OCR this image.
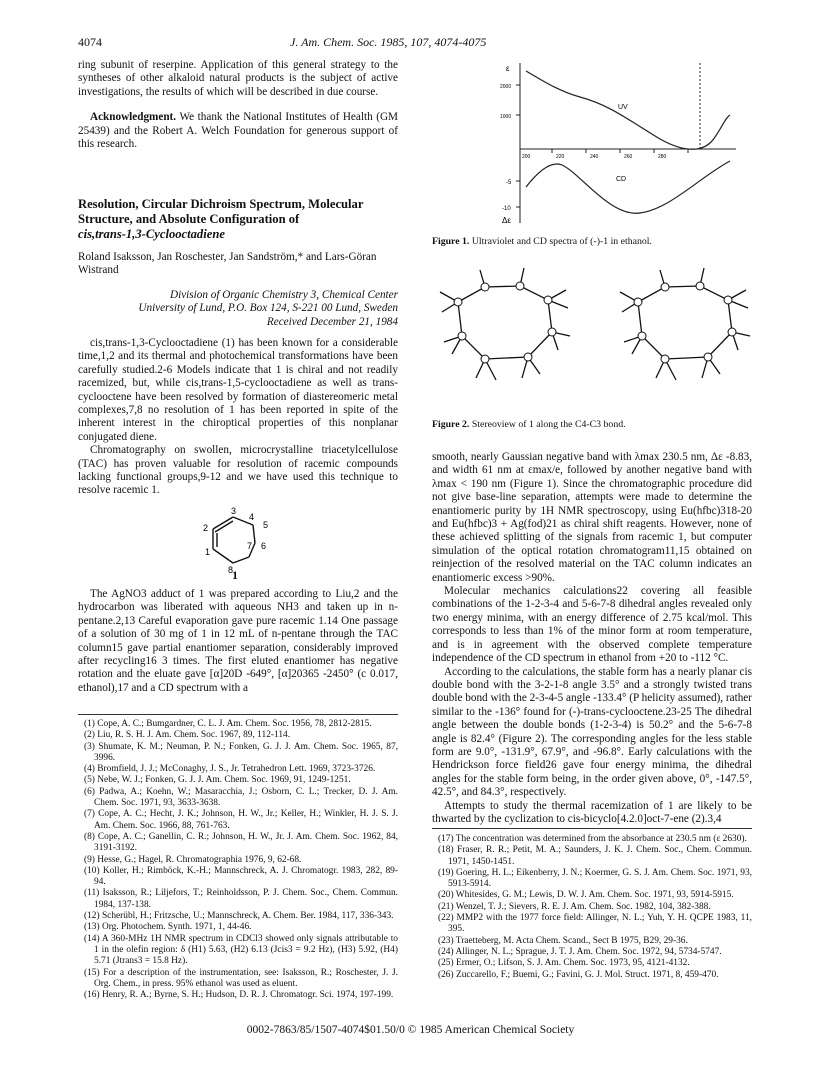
4074	J. Am. Chem. Soc. 1985, 107, 4074-4075

ring subunit of reserpine. Application of this general strategy to the syntheses of other alkaloid natural products is the subject of active investigations, the results of which will be described in due course.

Acknowledgment. We thank the National Institutes of Health (GM 25439) and the Robert A. Welch Foundation for generous support of this research.

Resolution, Circular Dichroism Spectrum, Molecular
Structure, and Absolute Configuration of
cis,trans-1,3-Cyclooctadiene
Roland Isaksson, Jan Roschester, Jan Sandström,* and Lars-Göran Wistrand
Division of Organic Chemistry 3, Chemical Center
University of Lund, P.O. Box 124, S-221 00 Lund, Sweden
Received December 21, 1984

cis,trans-1,3-Cyclooctadiene (1) has been known for a considerable time,1,2 and its thermal and photochemical transformations have been carefully studied.2-6 Models indicate that 1 is chiral and not readily racemized, but, while cis,trans-1,5-cyclooctadiene as well as trans-cyclooctene have been resolved by formation of diastereomeric metal complexes,7,8 no resolution of 1 has been reported in spite of the inherent interest in the chiroptical properties of this nonplanar conjugated diene.

Chromatography on swollen, microcrystalline triacetylcellulose (TAC) has proven valuable for resolution of racemic compounds lacking functional groups,9-12 and we have used this technique to resolve racemic 1.

1
2
3
4
5
6
7
8
1

The AgNO3 adduct of 1 was prepared according to Liu,2 and the hydrocarbon was liberated with aqueous NH3 and taken up in n-pentane.2,13 Careful evaporation gave pure racemic 1.14 One passage of a solution of 30 mg of 1 in 12 mL of n-pentane through the TAC column15 gave partial enantiomer separation, considerably improved after recycling16 3 times. The first eluted enantiomer has negative rotation and the eluate gave [α]20D -649°, [α]20365 -2450° (c 0.017, ethanol),17 and a CD spectrum with a

(1) Cope, A. C.; Bumgardner, C. L. J. Am. Chem. Soc. 1956, 78, 2812-2815.
(2) Liu, R. S. H. J. Am. Chem. Soc. 1967, 89, 112-114.
(3) Shumate, K. M.; Neuman, P. N.; Fonken, G. J. J. Am. Chem. Soc. 1965, 87, 3996.
(4) Bromfield, J. J.; McConaghy, J. S., Jr. Tetrahedron Lett. 1969, 3723-3726.
(5) Nebe, W. J.; Fonken, G. J. J. Am. Chem. Soc. 1969, 91, 1249-1251.
(6) Padwa, A.; Koehn, W.; Masaracchia, J.; Osborn, C. L.; Trecker, D. J. Am. Chem. Soc. 1971, 93, 3633-3638.
(7) Cope, A. C.; Hecht, J. K.; Johnson, H. W., Jr.; Keller, H.; Winkler, H. J. S. J. Am. Chem. Soc. 1966, 88, 761-763.
(8) Cope, A. C.; Ganellin, C. R.; Johnson, H. W., Jr. J. Am. Chem. Soc. 1962, 84, 3191-3192.
(9) Hesse, G.; Hagel, R. Chromatographia 1976, 9, 62-68.
(10) Koller, H.; Rimböck, K.-H.; Mannschreck, A. J. Chromatogr. 1983, 282, 89-94.
(11) Isaksson, R.; Liljefors, T.; Reinholdsson, P. J. Chem. Soc., Chem. Commun. 1984, 137-138.
(12) Scherübl, H.; Fritzsche, U.; Mannschreck, A. Chem. Ber. 1984, 117, 336-343.
(13) Org. Photochem. Synth. 1971, 1, 44-46.
(14) A 360-MHz 1H NMR spectrum in CDCl3 showed only signals attributable to 1 in the olefin region: δ (H1) 5.63, (H2) 6.13 (Jcis3 = 9.2 Hz), (H3) 5.92, (H4) 5.71 (Jtrans3 = 15.8 Hz).
(15) For a description of the instrumentation, see: Isaksson, R.; Roschester, J. J. Org. Chem., in press. 95% ethanol was used as eluent.
(16) Henry, R. A.; Byrne, S. H.; Hudson, D. R. J. Chromatogr. Sci. 1974, 197-199.
ε
2000
1000
-5
-10
Δε
200	220	240	260	280
UV
CD
Figure 1. Ultraviolet and CD spectra of (-)-1 in ethanol.
Figure 2. Stereoview of 1 along the C4-C3 bond.

smooth, nearly Gaussian negative band with λmax 230.5 nm, Δε -8.83, and width 61 nm at εmax/e, followed by another negative band with λmax < 190 nm (Figure 1). Since the chromatographic procedure did not give base-line separation, attempts were made to determine the enantiomeric purity by 1H NMR spectroscopy, using Eu(hfbc)318-20 and Eu(hfbc)3 + Ag(fod)21 as chiral shift reagents. However, none of these achieved splitting of the signals from racemic 1, but computer simulation of the optical rotation chromatogram11,15 obtained on reinjection of the resolved material on the TAC column indicates an enantiomeric excess >90%.

Molecular mechanics calculations22 covering all feasible combinations of the 1-2-3-4 and 5-6-7-8 dihedral angles revealed only two energy minima, with an energy difference of 2.75 kcal/mol. This corresponds to less than 1% of the minor form at room temperature, and is in agreement with the observed complete temperature independence of the CD spectrum in ethanol from +20 to -112 °C.

According to the calculations, the stable form has a nearly planar cis double bond with the 3-2-1-8 angle 3.5° and a strongly twisted trans double bond with the 2-3-4-5 angle -133.4° (P helicity assumed), rather similar to the -136° found for (-)-trans-cyclooctene.23-25 The dihedral angle between the double bonds (1-2-3-4) is 50.2° and the 5-6-7-8 angle is 82.4° (Figure 2). The corresponding angles for the less stable form are 9.0°, -131.9°, 67.9°, and -96.8°. Early calculations with the Hendrickson force field26 gave four energy minima, the dihedral angles for the stable form being, in the order given above, 0°, -147.5°, 42.5°, and 84.3°, respectively.

Attempts to study the thermal racemization of 1 are likely to be thwarted by the cyclization to cis-bicyclo[4.2.0]oct-7-ene (2).3,4

(17) The concentration was determined from the absorbance at 230.5 nm (ε 2630).
(18) Fraser, R. R.; Petit, M. A.; Saunders, J. K. J. Chem. Soc., Chem. Commun. 1971, 1450-1451.
(19) Goering, H. L.; Eikenberry, J. N.; Koermer, G. S. J. Am. Chem. Soc. 1971, 93, 5913-5914.
(20) Whitesides, G. M.; Lewis, D. W. J. Am. Chem. Soc. 1971, 93, 5914-5915.
(21) Wenzel, T. J.; Sievers, R. E. J. Am. Chem. Soc. 1982, 104, 382-388.
(22) MMP2 with the 1977 force field: Allinger, N. L.; Yuh, Y. H. QCPE 1983, 11, 395.
(23) Traetteberg, M. Acta Chem. Scand., Sect B 1975, B29, 29-36.
(24) Allinger, N. L.; Sprague, J. T. J. Am. Chem. Soc. 1972, 94, 5734-5747.
(25) Ermer, O.; Lifson, S. J. Am. Chem. Soc. 1973, 95, 4121-4132.
(26) Zuccarello, F.; Buemi, G.; Favini, G. J. Mol. Struct. 1971, 8, 459-470.
0002-7863/85/1507-4074$01.50/0 © 1985 American Chemical Society
